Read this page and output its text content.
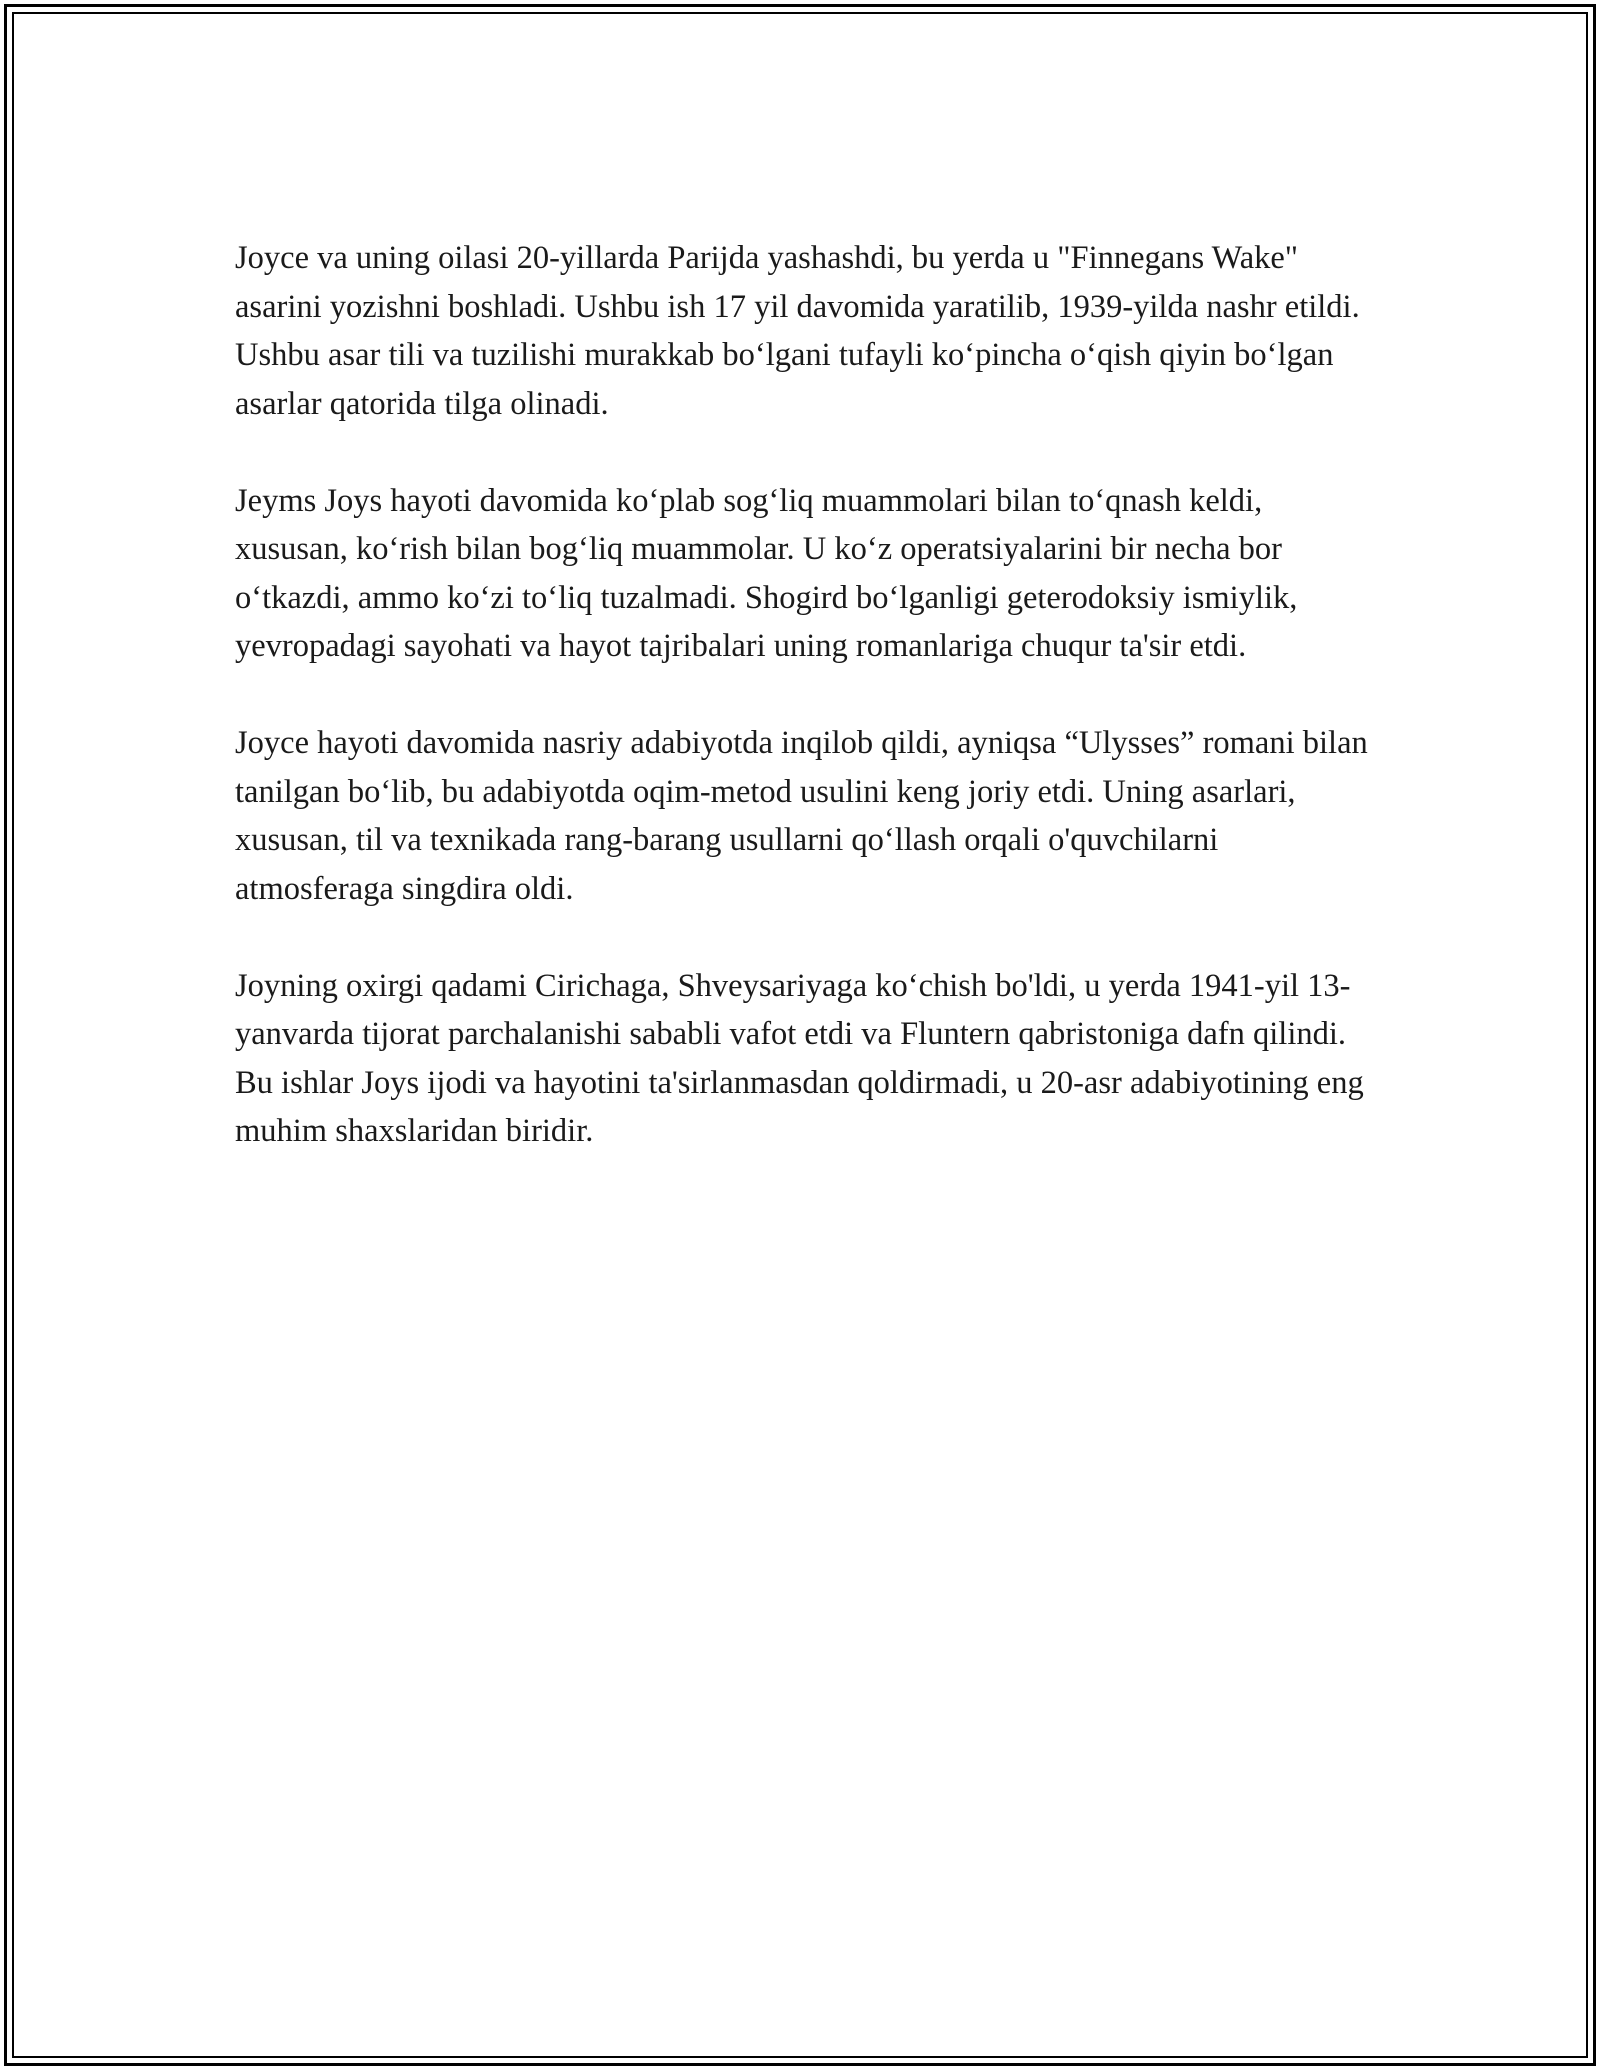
Joyce va uning oilasi 20-yillarda Parijda yashashdi, bu yerda u "Finnegans Wake" asarini yozishni boshladi. Ushbu ish 17 yil davomida yaratilib, 1939-yilda nashr etildi. Ushbu asar tili va tuzilishi murakkab bo‘lgani tufayli ko‘pincha o‘qish qiyin bo‘lgan asarlar qatorida tilga olinadi.

Jeyms Joys hayoti davomida ko‘plab sog‘liq muammolari bilan to‘qnash keldi, xususan, ko‘rish bilan bog‘liq muammolar. U ko‘z operatsiyalarini bir necha bor o‘tkazdi, ammo ko‘zi to‘liq tuzalmadi. Shogird bo‘lganligi geterodoksiy ismiylik, yevropadagi sayohati va hayot tajribalari uning romanlariga chuqur ta'sir etdi.

Joyce hayoti davomida nasriy adabiyotda inqilob qildi, ayniqsa “Ulysses” romani bilan tanilgan bo‘lib, bu adabiyotda oqim-metod usulini keng joriy etdi. Uning asarlari, xususan, til va texnikada rang-barang usullarni qo‘llash orqali o'quvchilarni atmosferaga singdira oldi.

Joyning oxirgi qadami Cirichaga, Shveysariyaga ko‘chish bo'ldi, u yerda 1941-yil 13-yanvarda tijorat parchalanishi sababli vafot etdi va Fluntern qabristoniga dafn qilindi. Bu ishlar Joys ijodi va hayotini ta'sirlanmasdan qoldirmadi, u 20-asr adabiyotining eng muhim shaxslaridan biridir.
